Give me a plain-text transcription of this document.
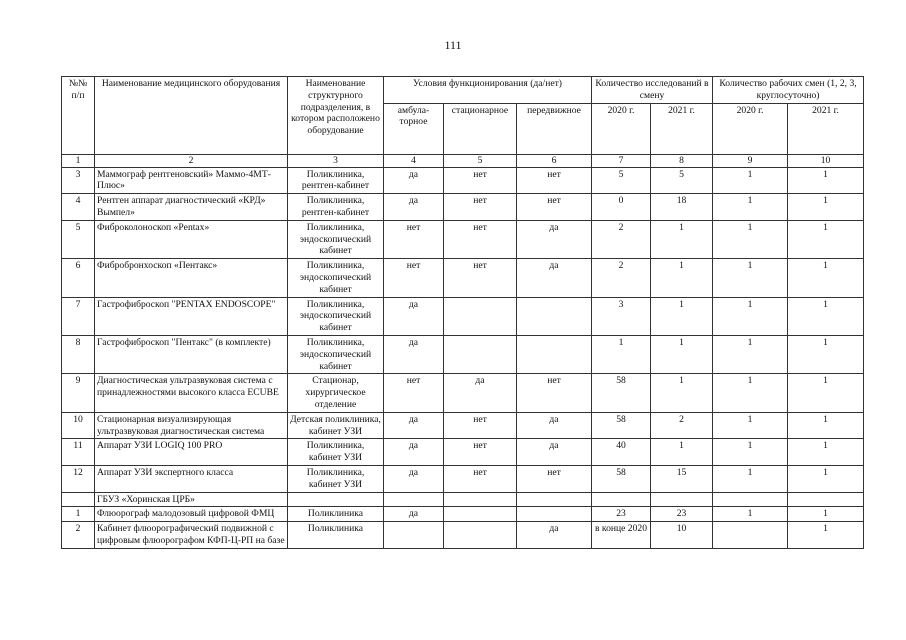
111
№№ п/п	Наименование медицинского оборудования	Наименование структурного подразделения, в котором расположено оборудование	Условия функционирования (да/нет)			Количество исследований в смену		Количество рабочих смен (1, 2, 3, круглосуточно)	
			амбула-торное	стационарное	передвижное	2020 г.	2021 г.	2020 г.	2021 г.
1	2	3	4	5	6	7	8	9	10
3	Маммограф рентгеновский» Маммо-4МТ-Плюс»	Поликлиника, рентген-кабинет	да	нет	нет	5	5	1	1
4	Рентген аппарат диагностический «КРД» Вымпел»	Поликлиника, рентген-кабинет	да	нет	нет	0	18	1	1
5	Фиброколоноскоп «Pentax»	Поликлиника, эндоскопический кабинет	нет	нет	да	2	1	1	1
6	Фибробронхоскоп «Пентакс»	Поликлиника, эндоскопический кабинет	нет	нет	да	2	1	1	1
7	Гастрофиброскоп "PENTAX ENDOSCOPE"	Поликлиника, эндоскопический кабинет	да			3	1	1	1
8	Гастрофиброскоп "Пентакс" (в комплекте)	Поликлиника, эндоскопический кабинет	да			1	1	1	1
9	Диагностическая ультразвуковая система с принадлежностями высокого класса ECUBE	Стационар, хирургическое отделение	нет	да	нет	58	1	1	1
10	Стационарная визуализирующая ультразвуковая диагностическая система	Детская поликлиника, кабинет УЗИ	да	нет	да	58	2	1	1
11	Аппарат УЗИ LOGIQ 100 PRO	Поликлиника, кабинет УЗИ	да	нет	да	40	1	1	1
12	Аппарат УЗИ экспертного класса	Поликлиника, кабинет УЗИ	да	нет	нет	58	15	1	1
	ГБУЗ «Хоринская ЦРБ»								
1	Флюорограф малодозовый цифровой ФМЦ	Поликлиника	да			23	23	1	1
2	Кабинет флюорографический подвижной с цифровым флюорографом КФП-Ц-РП на базе	Поликлиника			да	в конце 2020	10		1
